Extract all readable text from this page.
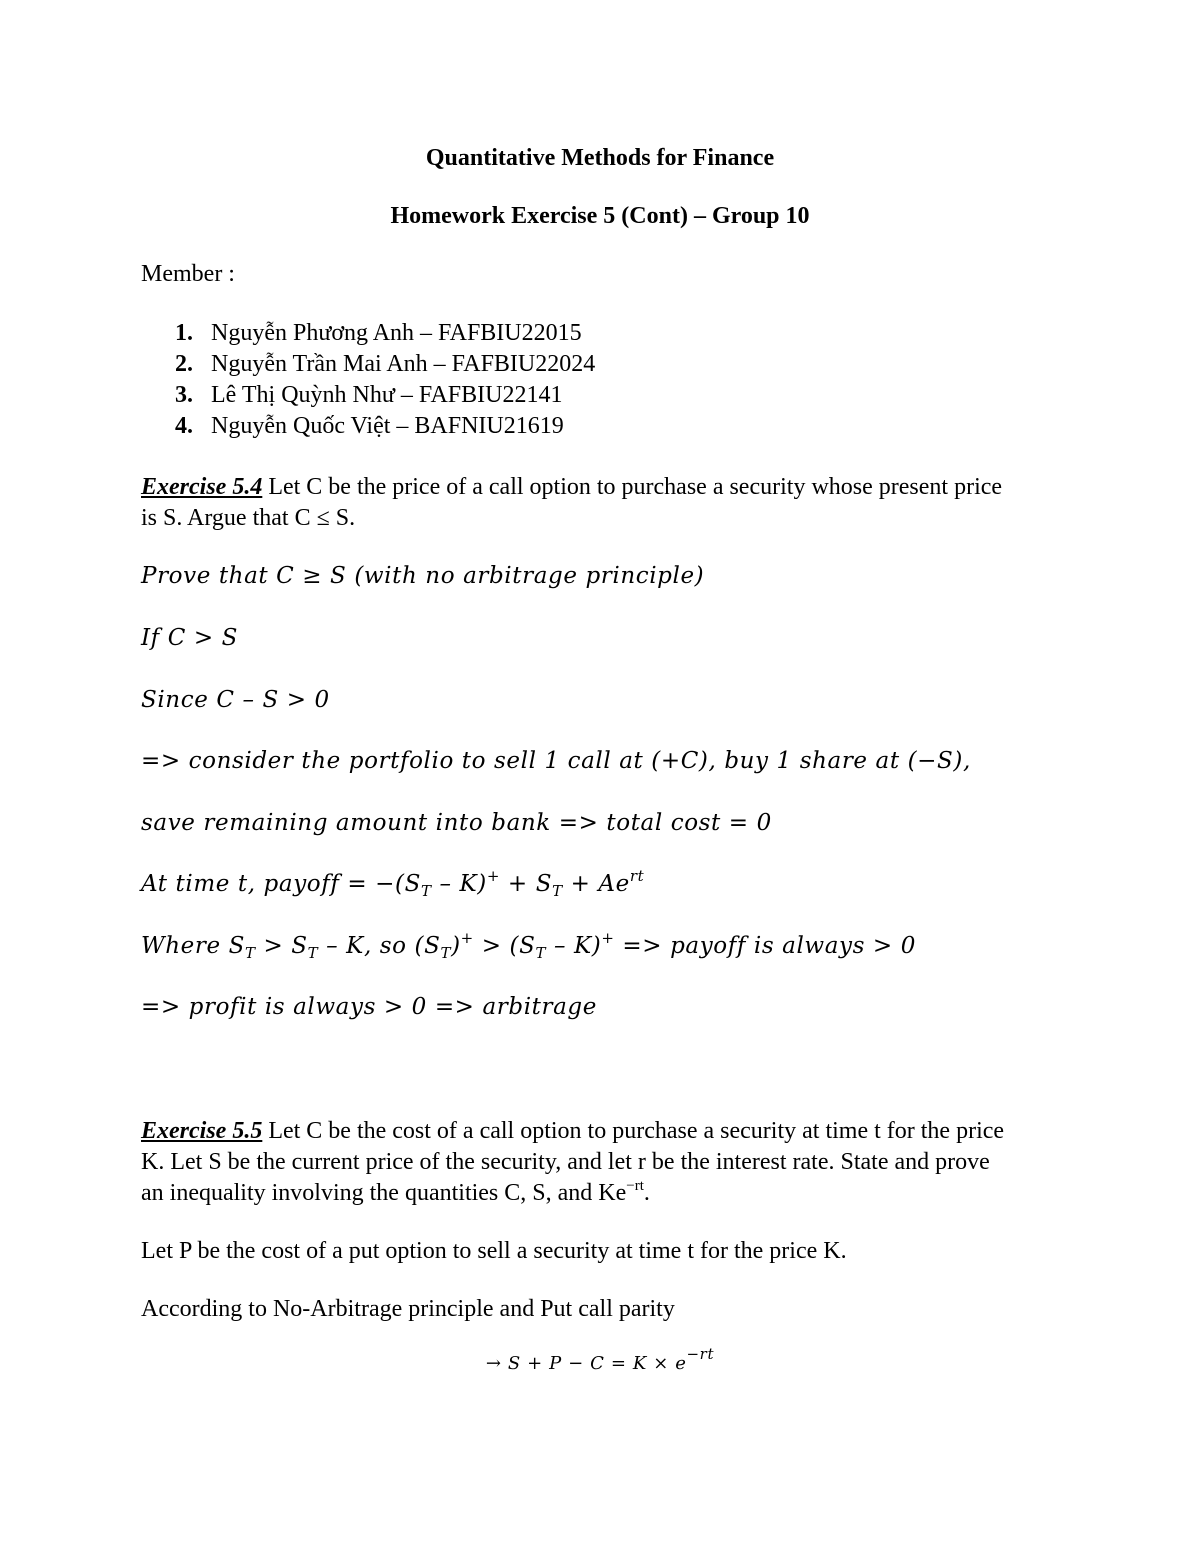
Quantitative Methods for Finance
Homework Exercise 5 (Cont) – Group 10
Member :
1. Nguyễn Phương Anh – FAFBIU22015
2. Nguyễn Trần Mai Anh – FAFBIU22024
3. Lê Thị Quỳnh Như – FAFBIU22141
4. Nguyễn Quốc Việt – BAFNIU21619
Exercise 5.4 Let C be the price of a call option to purchase a security whose present price
is S. Argue that C ≤ S.
Prove that C ≥ S (with no arbitrage principle)
If C > S
Since C – S > 0
=> consider the portfolio to sell 1 call at (+C), buy 1 share at (−S),
save remaining amount into bank => total cost = 0
At time t, payoff = $-(S_T - K)^+ + S_T + Ae^{rt}$
Where $S_T > S_T - K$, so $(S_T)^+ > (S_T - K)^+$ => payoff is always > 0
=> profit is always > 0 => arbitrage
Exercise 5.5 Let C be the cost of a call option to purchase a security at time t for the price
K. Let S be the current price of the security, and let r be the interest rate. State and prove
an inequality involving the quantities C, S, and $Ke^{-rt}$.
Let P be the cost of a put option to sell a security at time t for the price K.
According to No-Arbitrage principle and Put call parity
→ $S + P - C = K \times e^{-rt}$
